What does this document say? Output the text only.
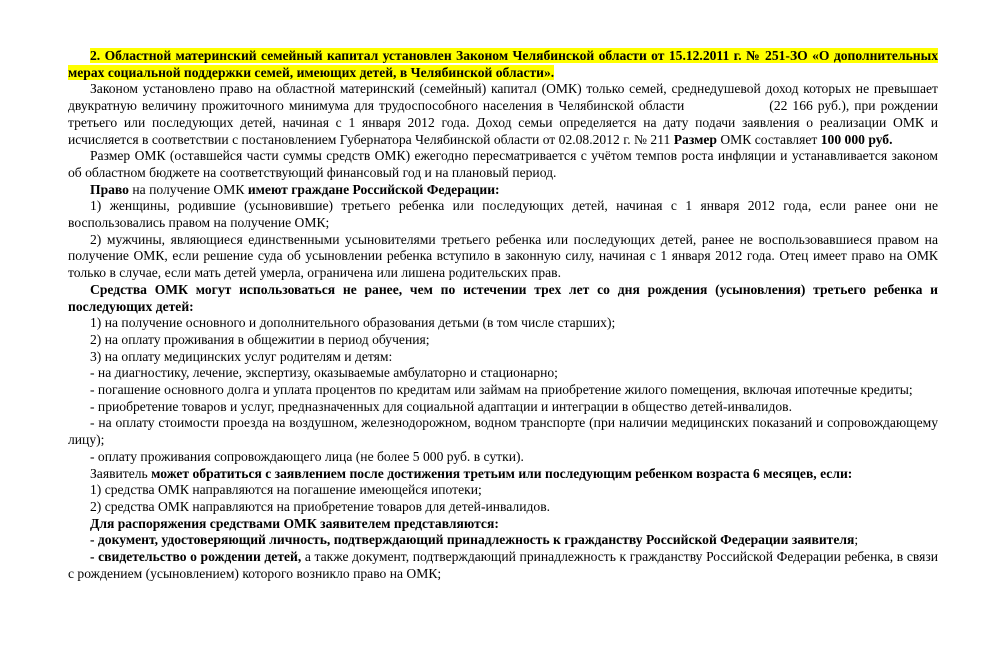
2. Областной материнский семейный капитал установлен Законом Челябинской области от 15.12.2011 г. № 251-ЗО «О дополнительных мерах социальной поддержки семей, имеющих детей, в Челябинской области».

Законом установлено право на областной материнский (семейный) капитал (ОМК) только семей, среднедушевой доход которых не превышает двукратную величину прожиточного минимума для трудоспособного населения в Челябинской области	(22 166 руб.), при рождении третьего или последующих детей, начиная с 1 января 2012 года. Доход семьи определяется на дату подачи заявления о реализации ОМК и исчисляется в соответствии с постановлением Губернатора Челябинской области от 02.08.2012 г. № 211 Размер ОМК составляет 100 000 руб.

Размер ОМК (оставшейся части суммы средств ОМК) ежегодно пересматривается с учётом темпов роста инфляции и устанавливается законом об областном бюджете на соответствующий финансовый год и на плановый период.

Право на получение ОМК имеют граждане Российской Федерации:

1) женщины, родившие (усыновившие) третьего ребенка или последующих детей, начиная с 1 января 2012 года, если ранее они не воспользовались правом на получение ОМК;

2) мужчины, являющиеся единственными усыновителями третьего ребенка или последующих детей, ранее не воспользовавшиеся правом на получение ОМК, если решение суда об усыновлении ребенка вступило в законную силу, начиная с 1 января 2012 года. Отец имеет право на ОМК только в случае, если мать детей умерла, ограничена или лишена родительских прав.

Средства ОМК могут использоваться не ранее, чем по истечении трех лет со дня рождения (усыновления) третьего ребенка и последующих детей:

1) на получение основного и дополнительного образования детьми (в том числе старших);

2) на оплату проживания в общежитии в период обучения;

3) на оплату медицинских услуг родителям и детям:

- на диагностику, лечение, экспертизу, оказываемые амбулаторно и стационарно;

- погашение основного долга и уплата процентов по кредитам или займам на приобретение жилого помещения, включая ипотечные кредиты;

- приобретение товаров и услуг, предназначенных для социальной адаптации и интеграции в общество детей-инвалидов.

- на оплату стоимости проезда на воздушном, железнодорожном, водном транспорте (при наличии медицинских показаний и сопровождающему лицу);

- оплату проживания сопровождающего лица (не более 5 000 руб. в сутки).

Заявитель может обратиться с заявлением после достижения третьим или последующим ребенком возраста 6 месяцев, если:

1) средства ОМК направляются на погашение имеющейся ипотеки;

2) средства ОМК направляются на приобретение товаров для детей-инвалидов.

Для распоряжения средствами ОМК заявителем представляются:

- документ, удостоверяющий личность, подтверждающий принадлежность к гражданству Российской Федерации заявителя;

- свидетельство о рождении детей, а также документ, подтверждающий принадлежность к гражданству Российской Федерации ребенка, в связи с рождением (усыновлением) которого возникло право на ОМК;
